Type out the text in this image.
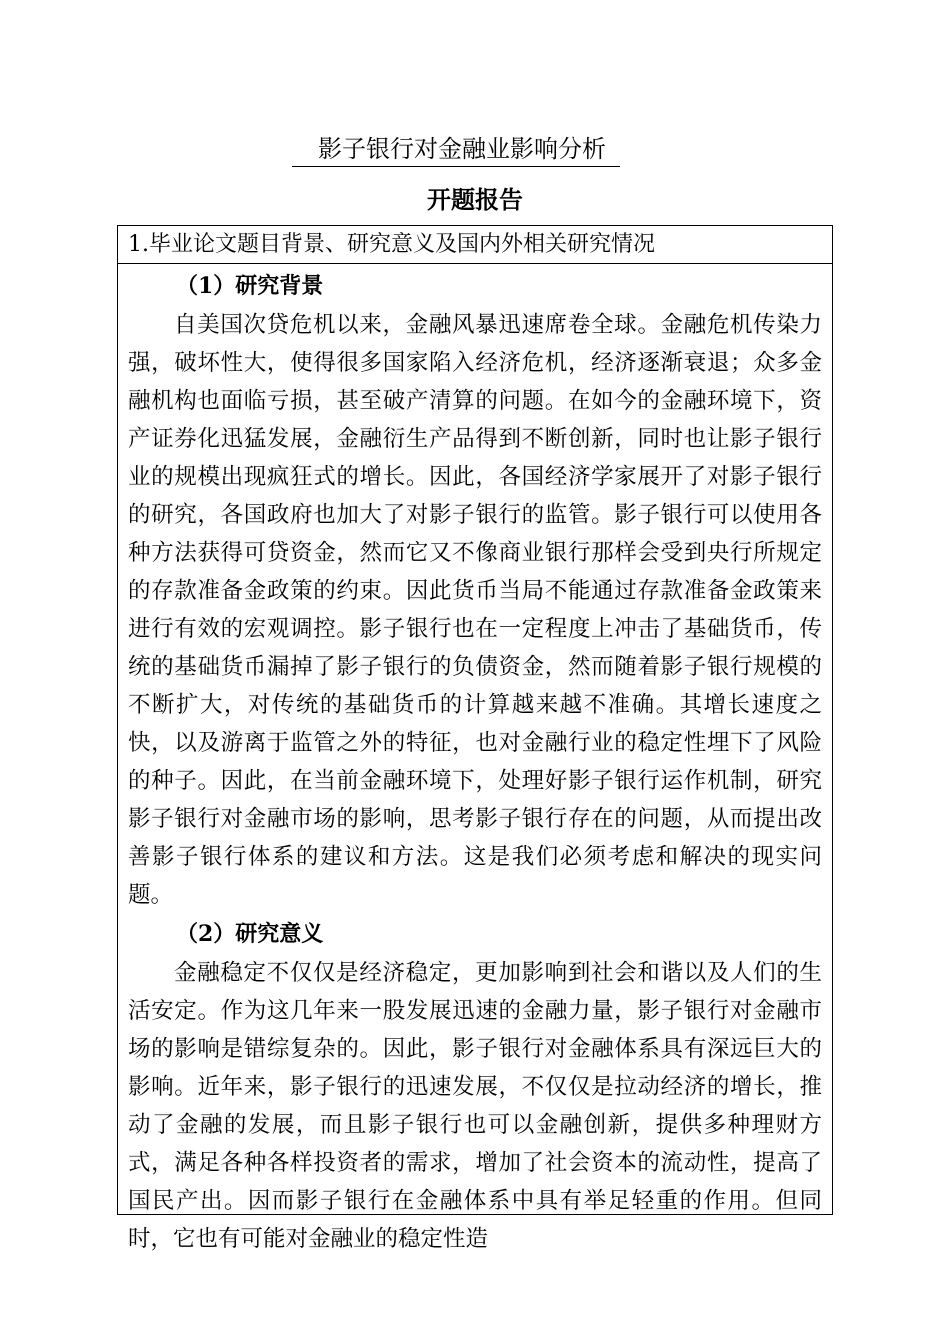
影子银行对金融业影响分析
开题报告
1.毕业论文题目背景、研究意义及国内外相关研究情况
（1）研究背景

自美国次贷危机以来，金融风暴迅速席卷全球。金融危机传染力强，破坏性大，使得很多国家陷入经济危机，经济逐渐衰退；众多金融机构也面临亏损，甚至破产清算的问题。在如今的金融环境下，资产证券化迅猛发展，金融衍生产品得到不断创新，同时也让影子银行业的规模出现疯狂式的增长。因此，各国经济学家展开了对影子银行的研究，各国政府也加大了对影子银行的监管。影子银行可以使用各种方法获得可贷资金，然而它又不像商业银行那样会受到央行所规定的存款准备金政策的约束。因此货币当局不能通过存款准备金政策来进行有效的宏观调控。影子银行也在一定程度上冲击了基础货币，传统的基础货币漏掉了影子银行的负债资金，然而随着影子银行规模的不断扩大，对传统的基础货币的计算越来越不准确。其增长速度之快，以及游离于监管之外的特征，也对金融行业的稳定性埋下了风险的种子。因此，在当前金融环境下，处理好影子银行运作机制，研究影子银行对金融市场的影响，思考影子银行存在的问题，从而提出改善影子银行体系的建议和方法。这是我们必须考虑和解决的现实问题。

（2）研究意义

金融稳定不仅仅是经济稳定，更加影响到社会和谐以及人们的生活安定。作为这几年来一股发展迅速的金融力量，影子银行对金融市场的影响是错综复杂的。因此，影子银行对金融体系具有深远巨大的影响。近年来，影子银行的迅速发展，不仅仅是拉动经济的增长，推动了金融的发展，而且影子银行也可以金融创新，提供多种理财方式，满足各种各样投资者的需求，增加了社会资本的流动性，提高了国民产出。因而影子银行在金融体系中具有举足轻重的作用。但同时，它也有可能对金融业的稳定性造
